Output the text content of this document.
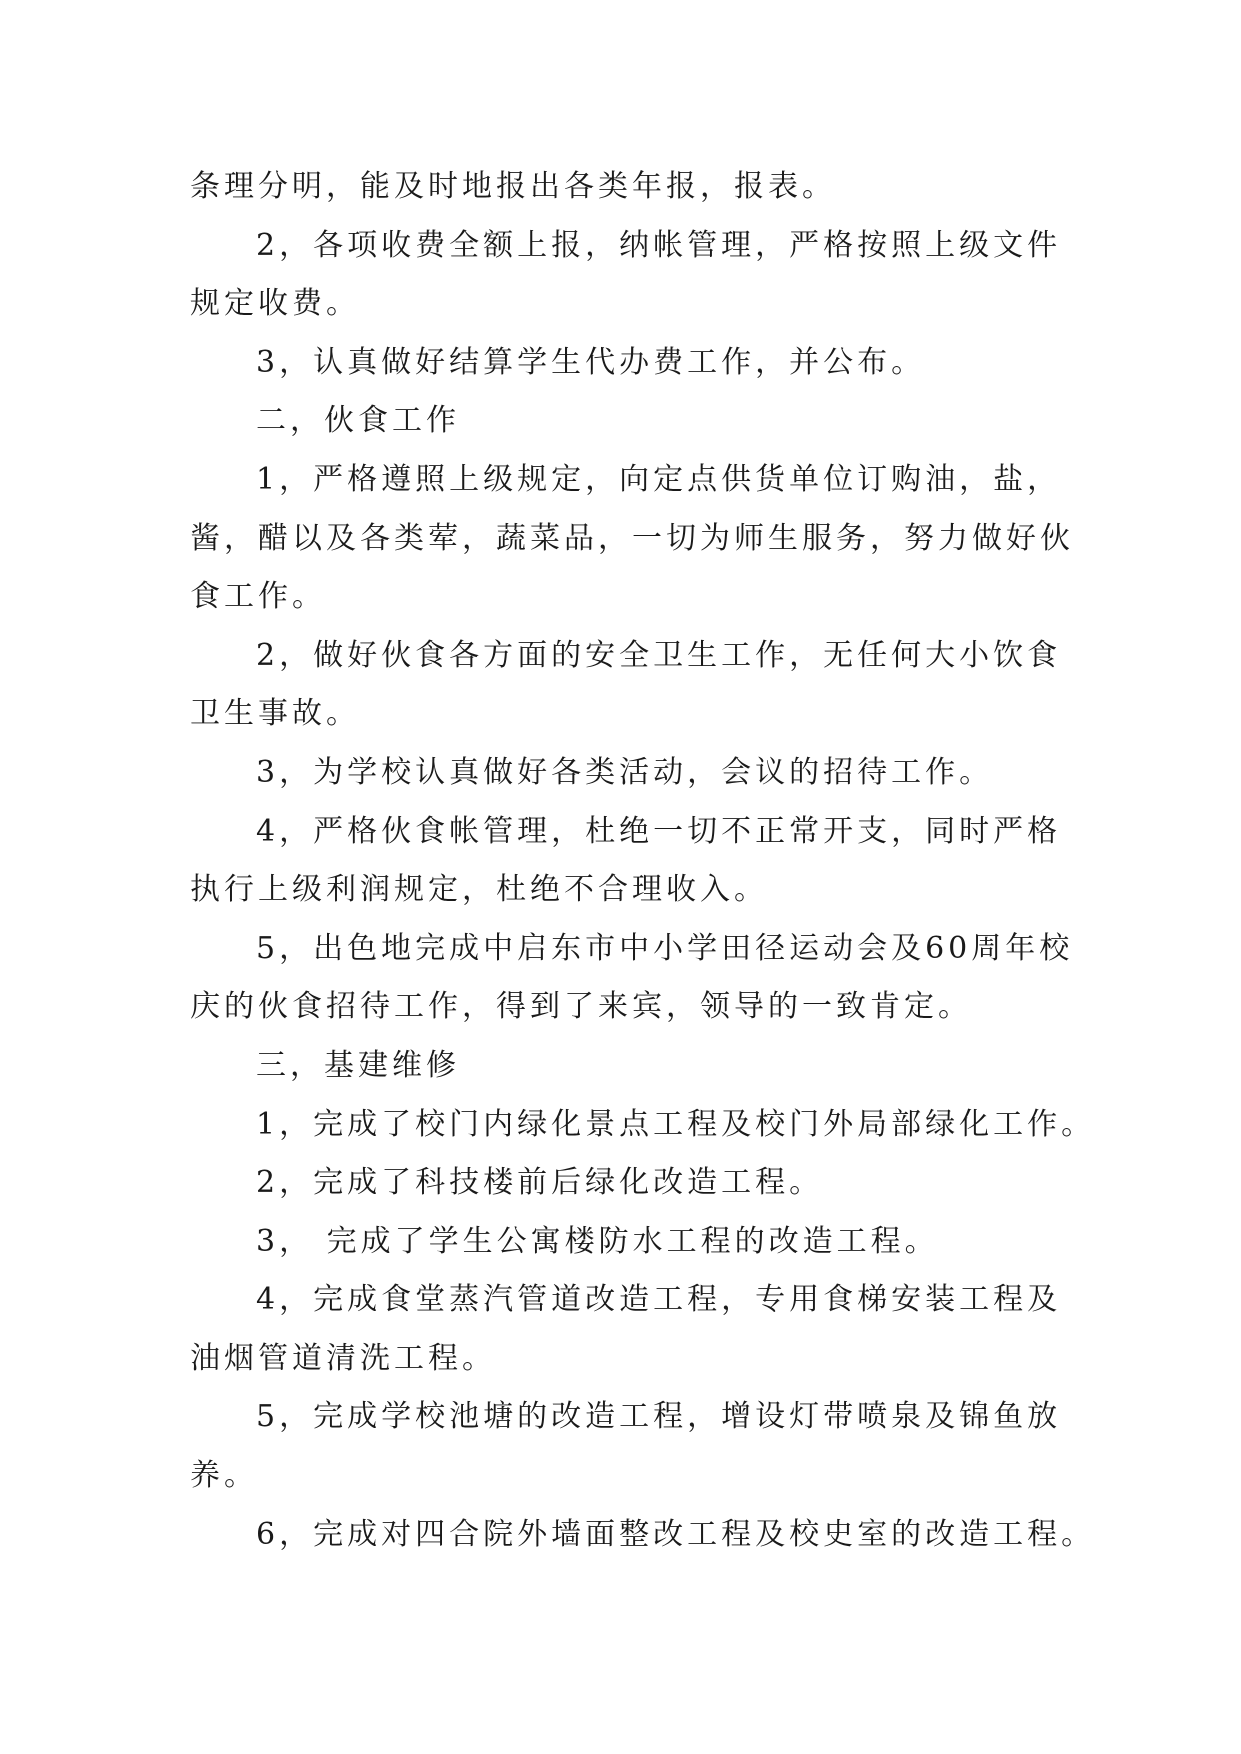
条理分明，能及时地报出各类年报，报表。

2，各项收费全额上报，纳帐管理，严格按照上级文件

规定收费。

3，认真做好结算学生代办费工作，并公布。

二，伙食工作

1，严格遵照上级规定，向定点供货单位订购油，盐，

酱，醋以及各类荤，蔬菜品，一切为师生服务，努力做好伙

食工作。

2，做好伙食各方面的安全卫生工作，无任何大小饮食

卫生事故。

3，为学校认真做好各类活动，会议的招待工作。

4，严格伙食帐管理，杜绝一切不正常开支，同时严格

执行上级利润规定，杜绝不合理收入。

5，出色地完成中启东市中小学田径运动会及60周年校

庆的伙食招待工作，得到了来宾，领导的一致肯定。

三，基建维修

1，完成了校门内绿化景点工程及校门外局部绿化工作。

2，完成了科技楼前后绿化改造工程。

3， 完成了学生公寓楼防水工程的改造工程。

4，完成食堂蒸汽管道改造工程，专用食梯安装工程及

油烟管道清洗工程。

5，完成学校池塘的改造工程，增设灯带喷泉及锦鱼放

养。

6，完成对四合院外墙面整改工程及校史室的改造工程。
